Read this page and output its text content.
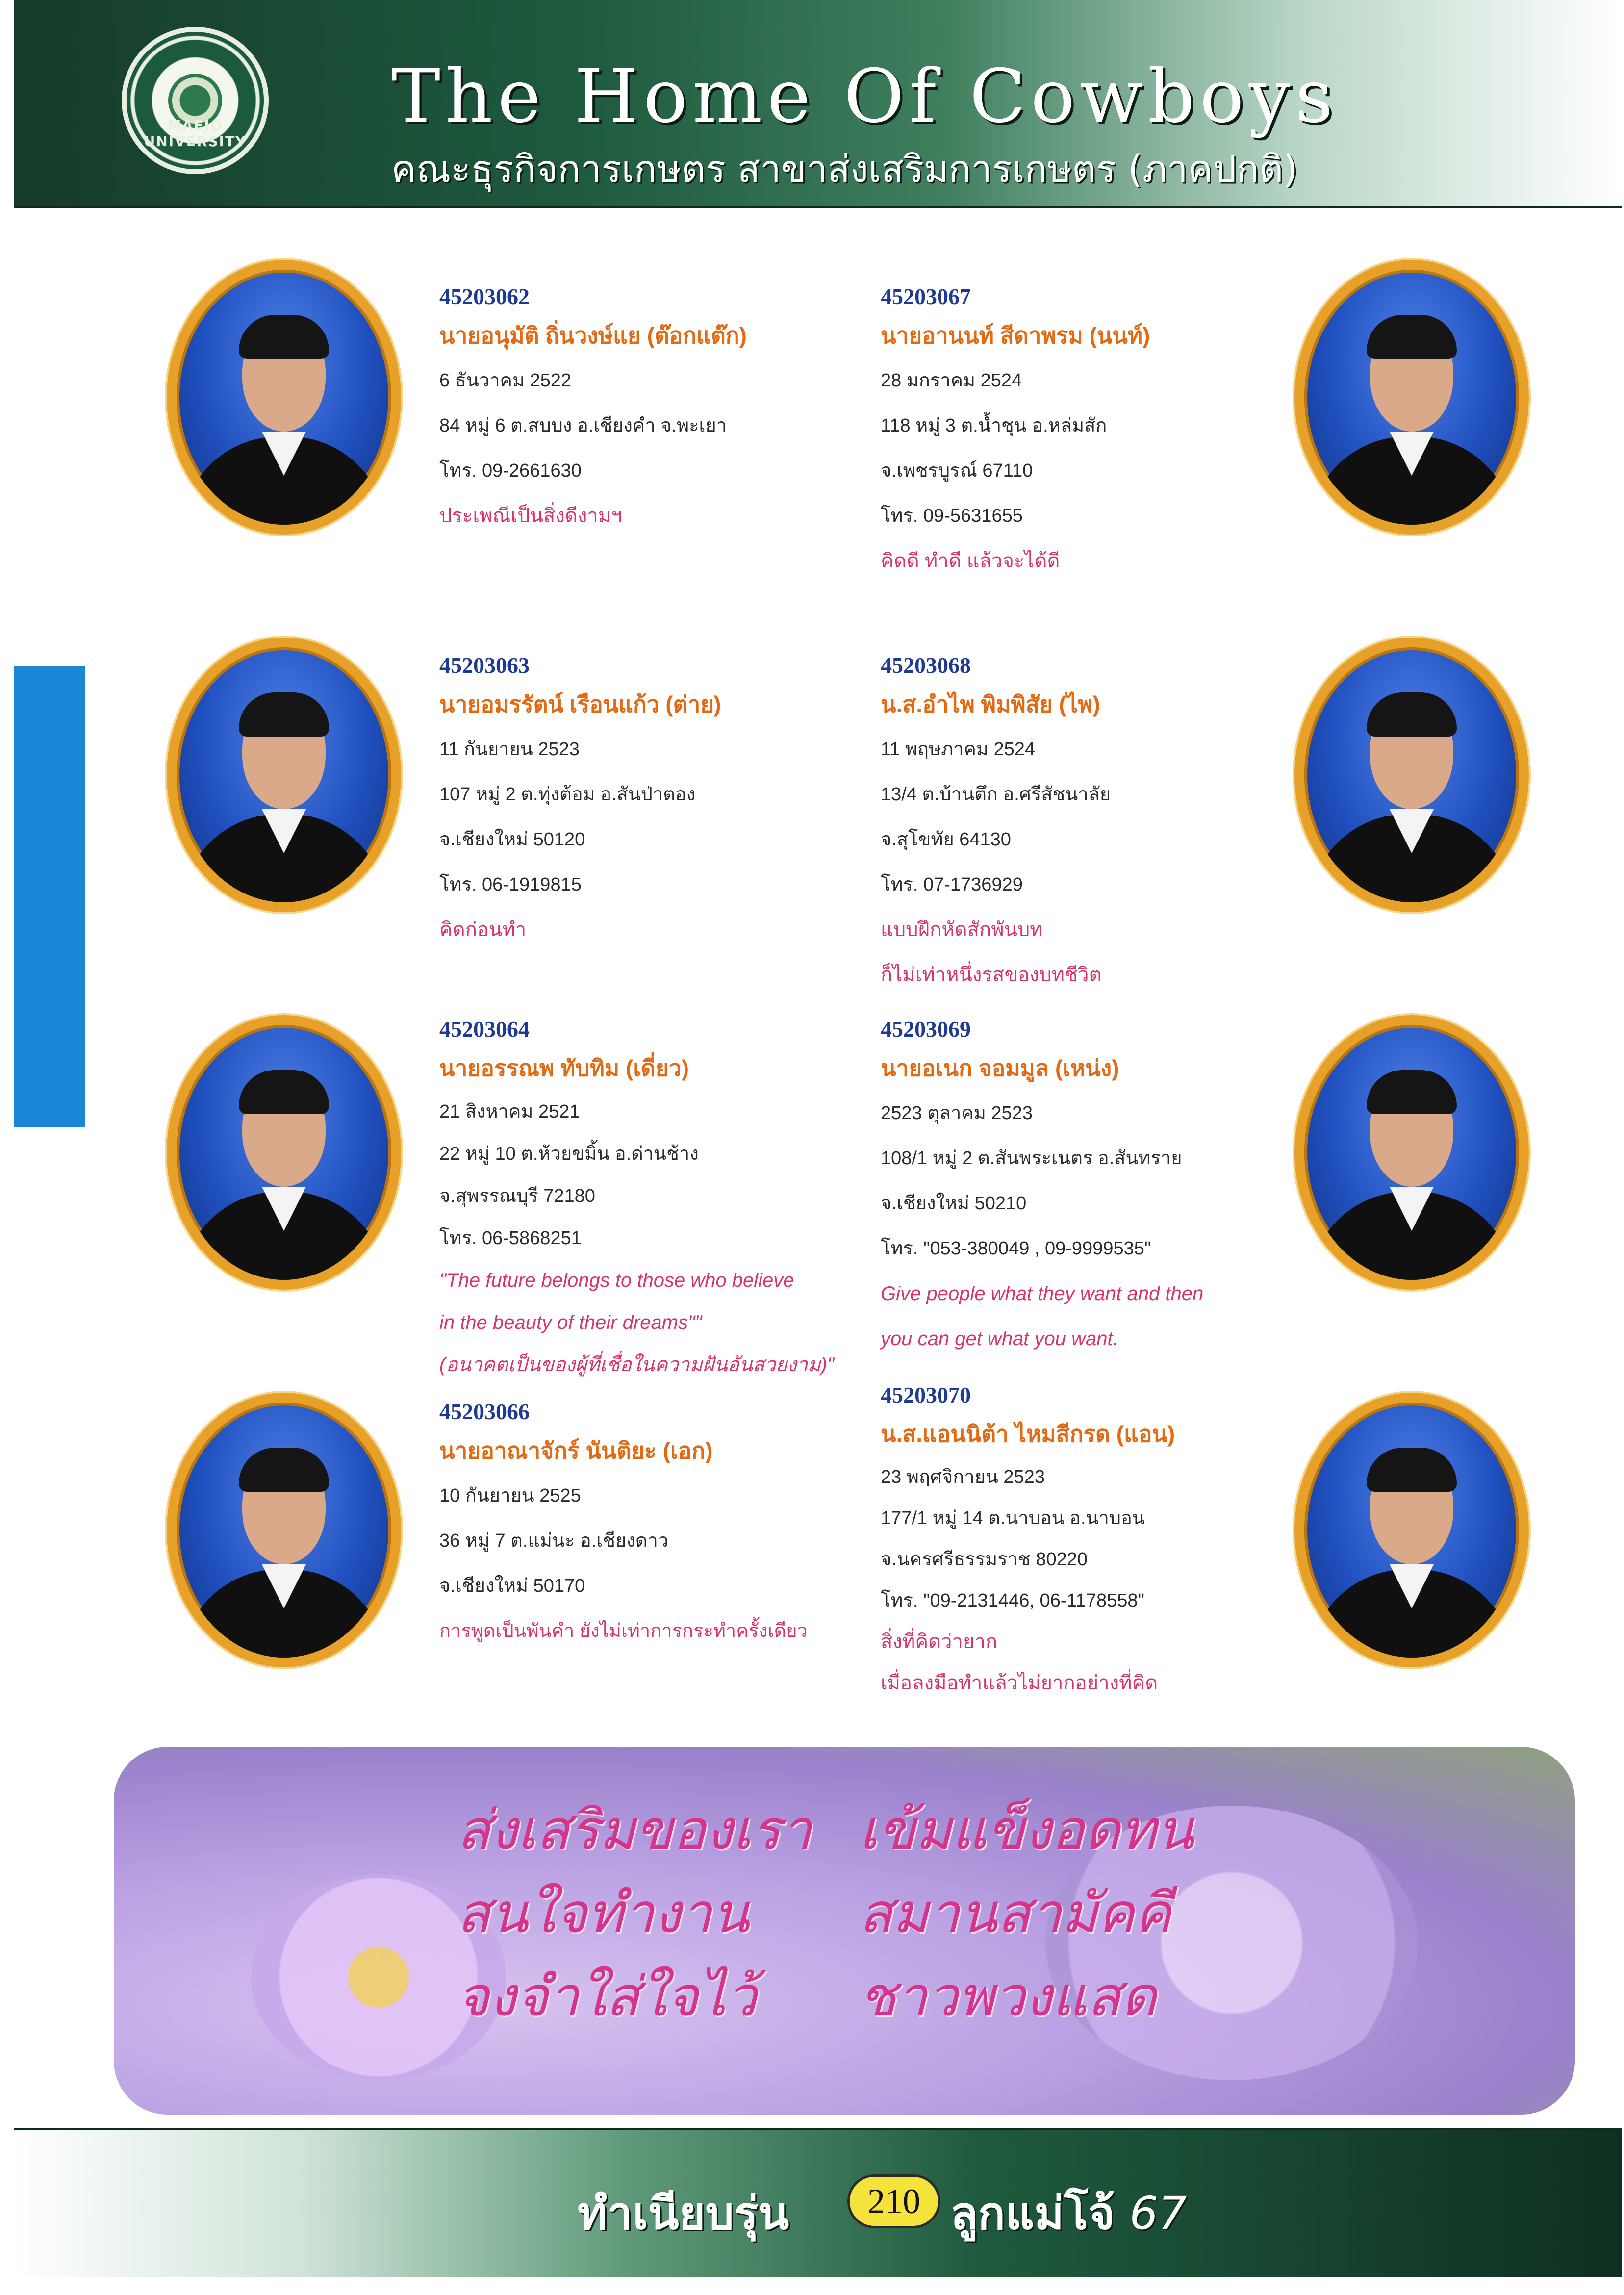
MAEJO UNIVERSITY
The Home Of Cowboys
คณะธุรกิจการเกษตร สาขาส่งเสริมการเกษตร (ภาคปกติ)
45203062
นายอนุมัติ ถิ่นวงษ์แย (ต๊อกแต๊ก)
6 ธันวาคม 2522
84 หมู่ 6 ต.สบบง อ.เชียงคำ จ.พะเยา
โทร. 09-2661630
ประเพณีเป็นสิ่งดีงามฯ
45203067
นายอานนท์ สีดาพรม (นนท์)
28 มกราคม 2524
118 หมู่ 3 ต.น้ำชุน อ.หล่มสัก
จ.เพชรบูรณ์ 67110
โทร. 09-5631655
คิดดี ทำดี แล้วจะได้ดี
45203063
นายอมรรัตน์ เรือนแก้ว (ต่าย)
11 กันยายน 2523
107 หมู่ 2 ต.ทุ่งต้อม อ.สันป่าตอง
จ.เชียงใหม่ 50120
โทร. 06-1919815
คิดก่อนทำ
45203068
น.ส.อำไพ พิมพิสัย (ไพ)
11 พฤษภาคม 2524
13/4 ต.บ้านตึก อ.ศรีสัชนาลัย
จ.สุโขทัย 64130
โทร. 07-1736929
แบบฝึกหัดสักพันบท
ก็ไม่เท่าหนึ่งรสของบทชีวิต
45203064
นายอรรณพ ทับทิม (เดี่ยว)
21 สิงหาคม 2521
22 หมู่ 10 ต.ห้วยขมิ้น อ.ด่านช้าง
จ.สุพรรณบุรี 72180
โทร. 06-5868251
"The future belongs to those who believe
in the beauty of their dreams""
(อนาคตเป็นของผู้ที่เชื่อในความฝันอันสวยงาม)"
45203069
นายอเนก จอมมูล (เหน่ง)
2523 ตุลาคม 2523
108/1 หมู่ 2 ต.สันพระเนตร อ.สันทราย
จ.เชียงใหม่ 50210
โทร. "053-380049 , 09-9999535"
Give people what they want and then
you can get what you want.
45203066
นายอาณาจักร์ นันติยะ (เอก)
10 กันยายน 2525
36 หมู่ 7 ต.แม่นะ อ.เชียงดาว
จ.เชียงใหม่ 50170
การพูดเป็นพันคำ ยังไม่เท่าการกระทำครั้งเดียว
45203070
น.ส.แอนนิต้า ไหมสีกรด (แอน)
23 พฤศจิกายน 2523
177/1 หมู่ 14 ต.นาบอน อ.นาบอน
จ.นครศรีธรรมราช 80220
โทร. "09-2131446, 06-1178558"
สิ่งที่คิดว่ายาก
เมื่อลงมือทำแล้วไม่ยากอย่างที่คิด
ส่งเสริมของเรา
สนใจทำงาน
จงจำใส่ใจไว้
เข้มแข็งอดทน
สมานสามัคคี
ชาวพวงแสด
ทำเนียบรุ่น	210 ลูกแม่โจ้ 67
